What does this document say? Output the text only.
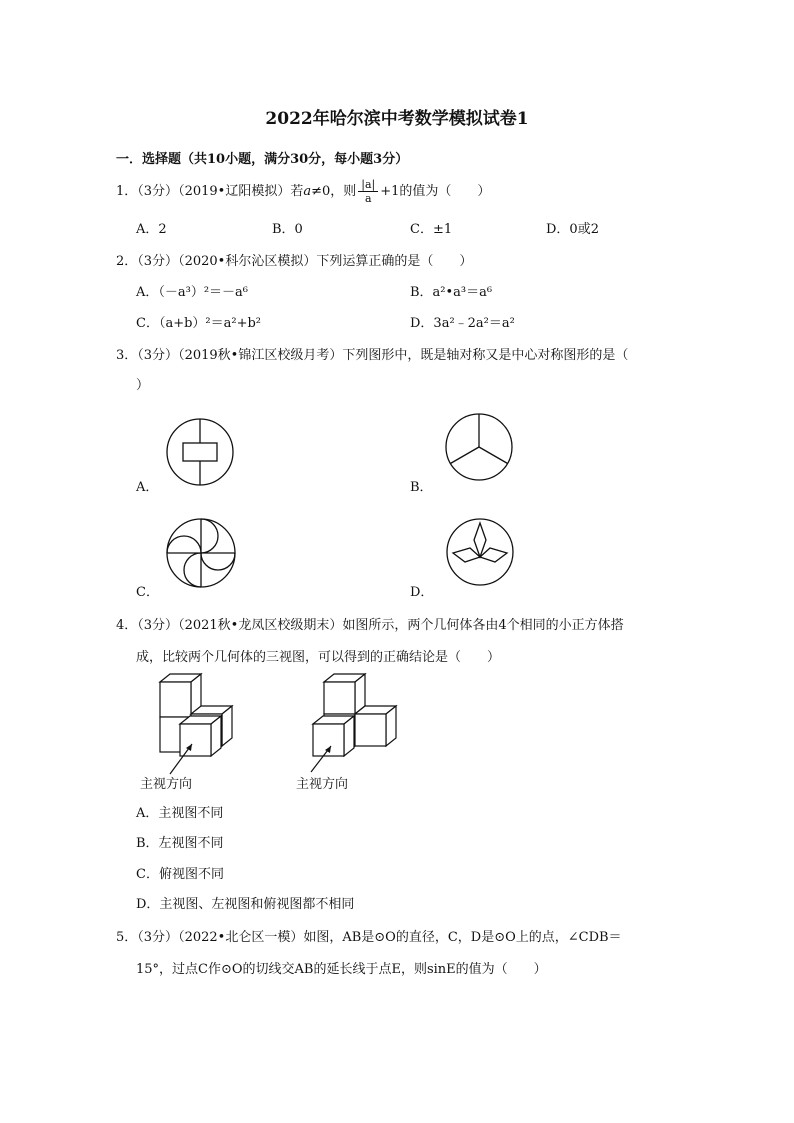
2022年哈尔滨中考数学模拟试卷1
一．选择题（共10小题，满分30分，每小题3分）
1．（3分）（2019•辽阳模拟）若a≠0，则 $\frac{|a|}{a} +1$的值为（　　）
A．2	B．0	C．±1	D．0或2
2．（3分）（2020•科尔沁区模拟）下列运算正确的是（　　）
A．（－a³）²＝－a⁶	B．a²•a³＝a⁶
C．（a+b）²＝a²+b²	D．3a²﹣2a²＝a²
3．（3分）（2019秋•锦江区校级月考）下列图形中，既是轴对称又是中心对称图形的是（
）
A．	B．
C．	D．
4．（3分）（2021秋•龙凤区校级期末）如图所示，两个几何体各由4个相同的小正方体搭
成，比较两个几何体的三视图，可以得到的正确结论是（　　）
主视方向	主视方向
A．主视图不同
B．左视图不同
C．俯视图不同
D．主视图、左视图和俯视图都不相同
5．（3分）（2022•北仑区一模）如图，AB是⊙O的直径，C，D是⊙O上的点，∠CDB＝
15°，过点C作⊙O的切线交AB的延长线于点E，则sinE的值为（　　）
